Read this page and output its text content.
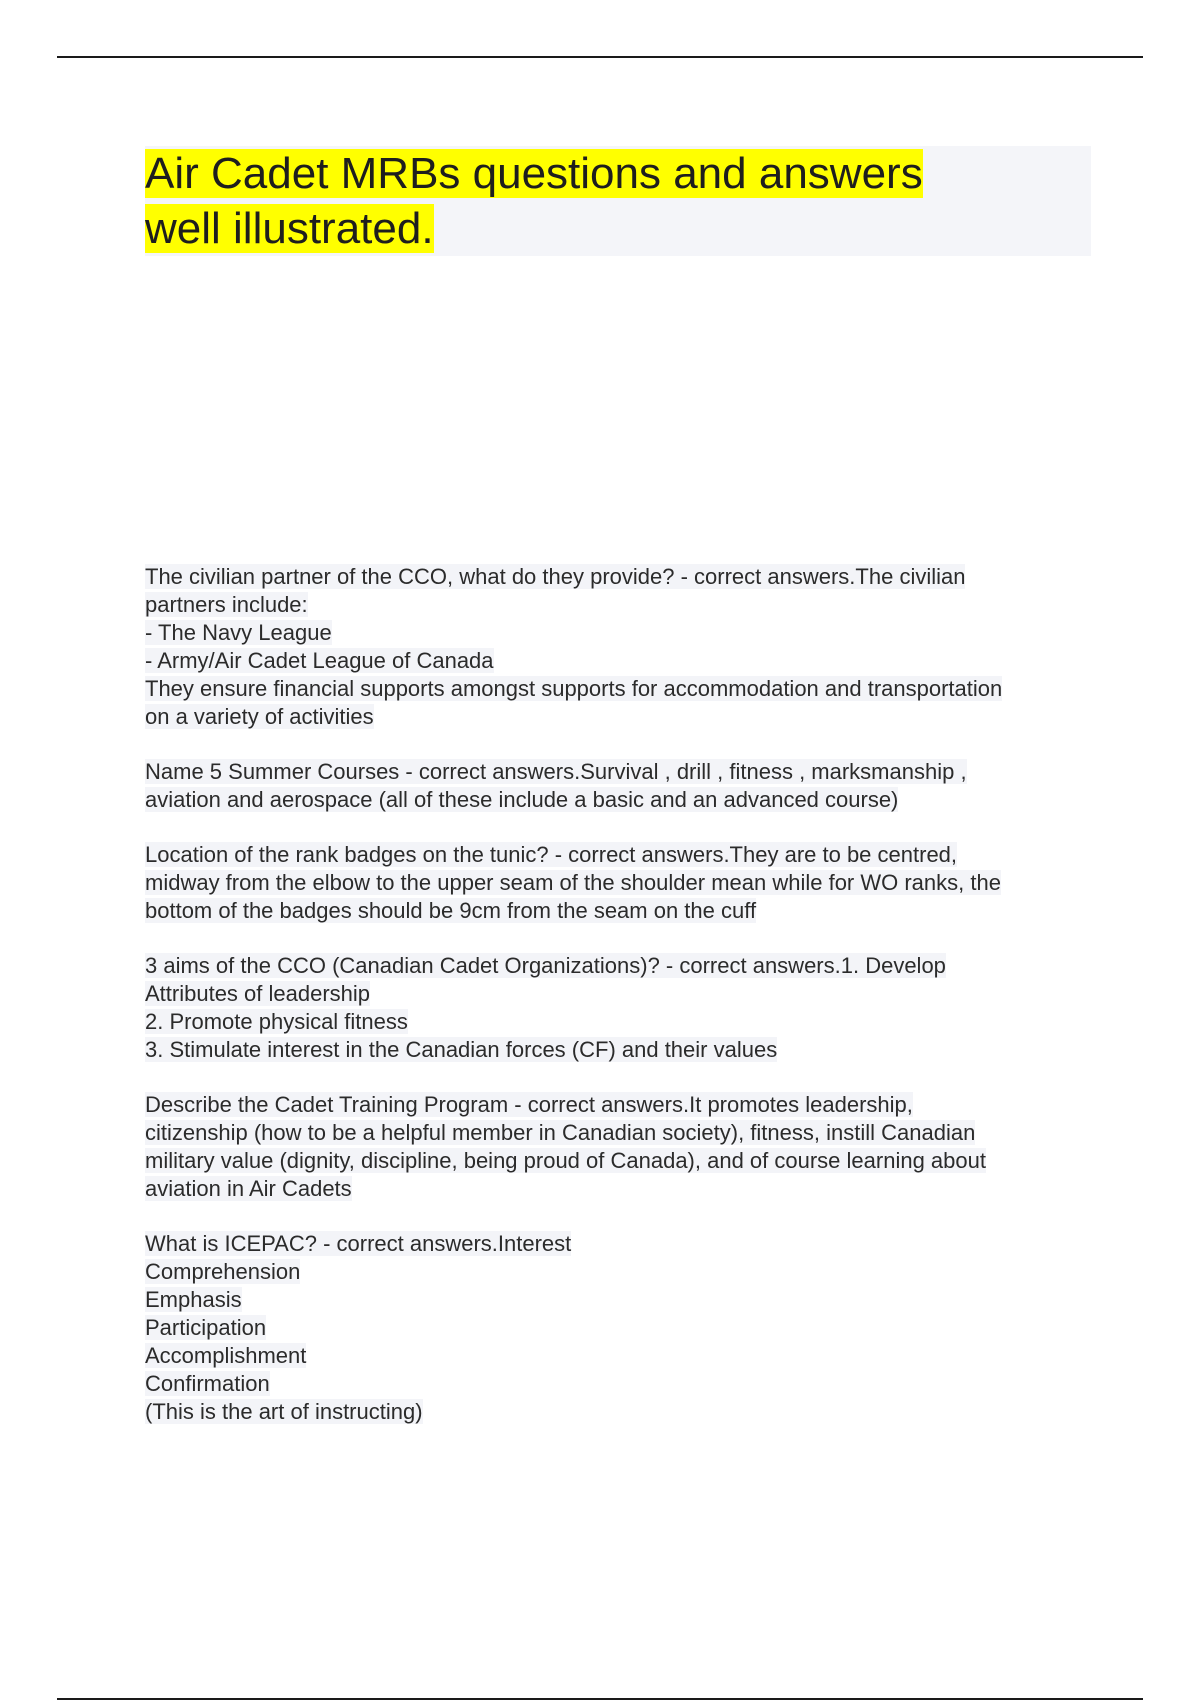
Air Cadet MRBs questions and answers
well illustrated.
The civilian partner of the CCO, what do they provide? - correct answers.The civilian
partners include:
- The Navy League
- Army/Air Cadet League of Canada
They ensure financial supports amongst supports for accommodation and transportation
on a variety of activities
Name 5 Summer Courses - correct answers.Survival , drill , fitness , marksmanship ,
aviation and aerospace (all of these include a basic and an advanced course)
Location of the rank badges on the tunic? - correct answers.They are to be centred,
midway from the elbow to the upper seam of the shoulder mean while for WO ranks, the
bottom of the badges should be 9cm from the seam on the cuff
3 aims of the CCO (Canadian Cadet Organizations)? - correct answers.1. Develop
Attributes of leadership
2. Promote physical fitness
3. Stimulate interest in the Canadian forces (CF) and their values
Describe the Cadet Training Program - correct answers.It promotes leadership,
citizenship (how to be a helpful member in Canadian society), fitness, instill Canadian
military value (dignity, discipline, being proud of Canada), and of course learning about
aviation in Air Cadets
What is ICEPAC? - correct answers.Interest
Comprehension
Emphasis
Participation
Accomplishment
Confirmation
(This is the art of instructing)
